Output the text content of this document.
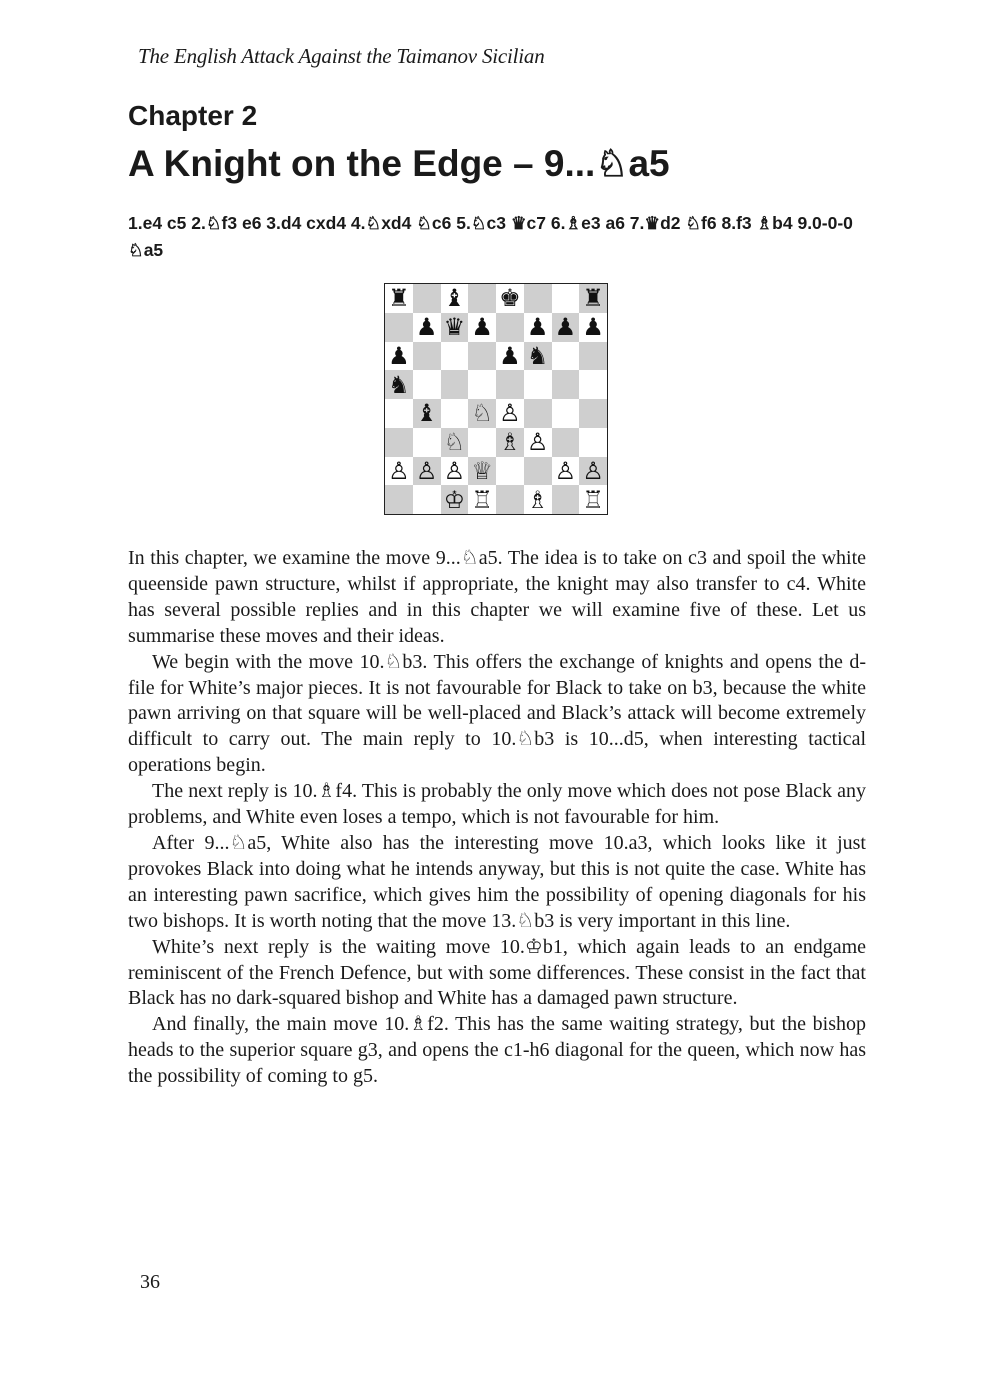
The English Attack Against the Taimanov Sicilian
Chapter 2
A Knight on the Edge – 9...♘a5
1.e4 c5 2.♘f3 e6 3.d4 cxd4 4.♘xd4 ♘c6 5.♘c3 ♛c7 6.♗e3 a6 7.♛d2 ♘f6 8.f3 ♗b4 9.0-0-0 ♘a5
♜ ♝ ♚	♜
♟ ♛ ♟ ♟ ♟ ♟
♟	♟ ♞
♞
♝ ♘ ♙
♘ ♗ ♙
♙ ♙ ♙ ♕	♙ ♙
♔ ♖ ♗ ♖

In this chapter, we examine the move 9...♘a5. The idea is to take on c3 and spoil the white queenside pawn structure, whilst if appropriate, the knight may also transfer to c4. White has several possible replies and in this chapter we will examine five of these. Let us summarise these moves and their ideas.

We begin with the move 10.♘b3. This offers the exchange of knights and opens the d-file for White’s major pieces. It is not favourable for Black to take on b3, because the white pawn arriving on that square will be well-placed and Black’s attack will become extremely difficult to carry out. The main reply to 10.♘b3 is 10...d5, when interesting tactical operations begin.

The next reply is 10.♗f4. This is probably the only move which does not pose Black any problems, and White even loses a tempo, which is not favourable for him.

After 9...♘a5, White also has the interesting move 10.a3, which looks like it just provokes Black into doing what he intends anyway, but this is not quite the case. White has an interesting pawn sacrifice, which gives him the possibility of opening diagonals for his two bishops. It is worth noting that the move 13.♘b3 is very important in this line.

White’s next reply is the waiting move 10.♔b1, which again leads to an endgame reminiscent of the French Defence, but with some differences. These consist in the fact that Black has no dark-squared bishop and White has a damaged pawn structure.

And finally, the main move 10.♗f2. This has the same waiting strategy, but the bishop heads to the superior square g3, and opens the c1-h6 diagonal for the queen, which now has the possibility of coming to g5.

36
